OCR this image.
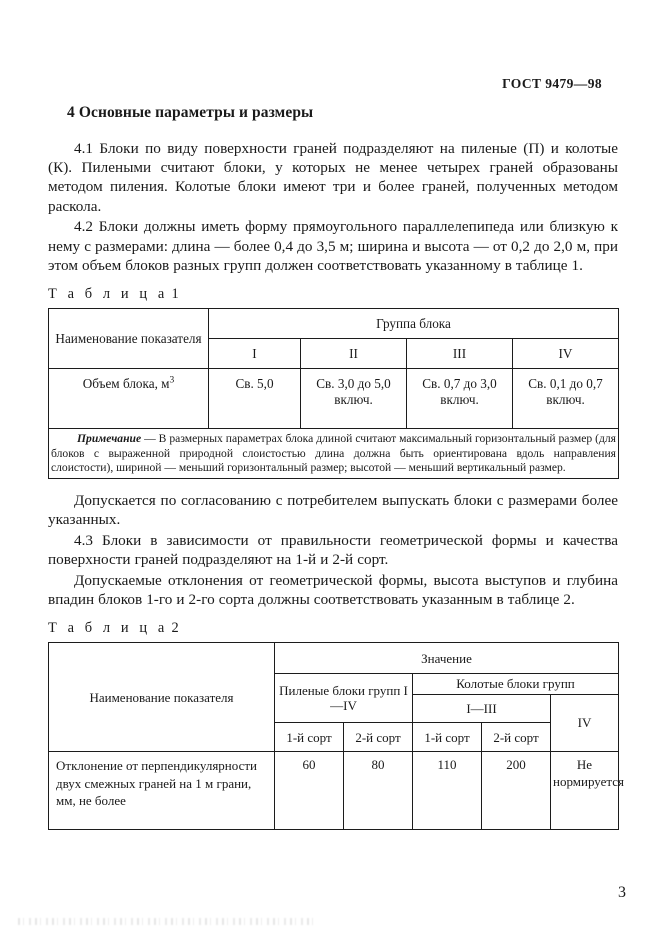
ГОСТ 9479—98
4 Основные параметры и размеры

4.1 Блоки по виду поверхности граней подразделяют на пиленые (П) и колотые (К). Пилеными считают блоки, у которых не менее четырех граней образованы методом пиления. Колотые блоки имеют три и более граней, полученных методом раскола.

4.2 Блоки должны иметь форму прямоугольного параллелепипеда или близкую к нему с размерами: длина — более 0,4 до 3,5 м; ширина и высота — от 0,2 до 2,0 м, при этом объем блоков разных групп должен соответствовать указанному в таблице 1.

Т а б л и ц а 1
Наименование показателя	Группа блока			
	I	II	III	IV
Объем блока, $м^3$	Св. 5,0	Св. 3,0 до 5,0 включ.	Св. 0,7 до 3,0 включ.	Св. 0,1 до 0,7 включ.

Примечание — В размерных параметрах блока длиной считают максимальный горизонтальный размер (для блоков с выраженной природной слоистостью длина должна быть ориентирована вдоль направления слоистости), шириной — меньший горизонтальный размер; высотой — меньший вертикальный размер.				

Допускается по согласованию с потребителем выпускать блоки с размерами более указанных.

4.3 Блоки в зависимости от правильности геометрической формы и качества поверхности граней подразделяют на 1-й и 2-й сорт.

Допускаемые отклонения от геометрической формы, высота выступов и глубина впадин блоков 1-го и 2-го сорта должны соответствовать указанным в таблице 2.

Т а б л и ц а 2
Наименование показателя	Значение				
	Пиленые блоки групп I—IV		Колотые блоки групп		
			I—III		IV
	1-й сорт	2-й сорт	1-й сорт	2-й сорт	
Отклонение от перпендикулярности двух смежных граней на 1 м грани, мм, не более	60	80	110	200	Не нормируется
3
